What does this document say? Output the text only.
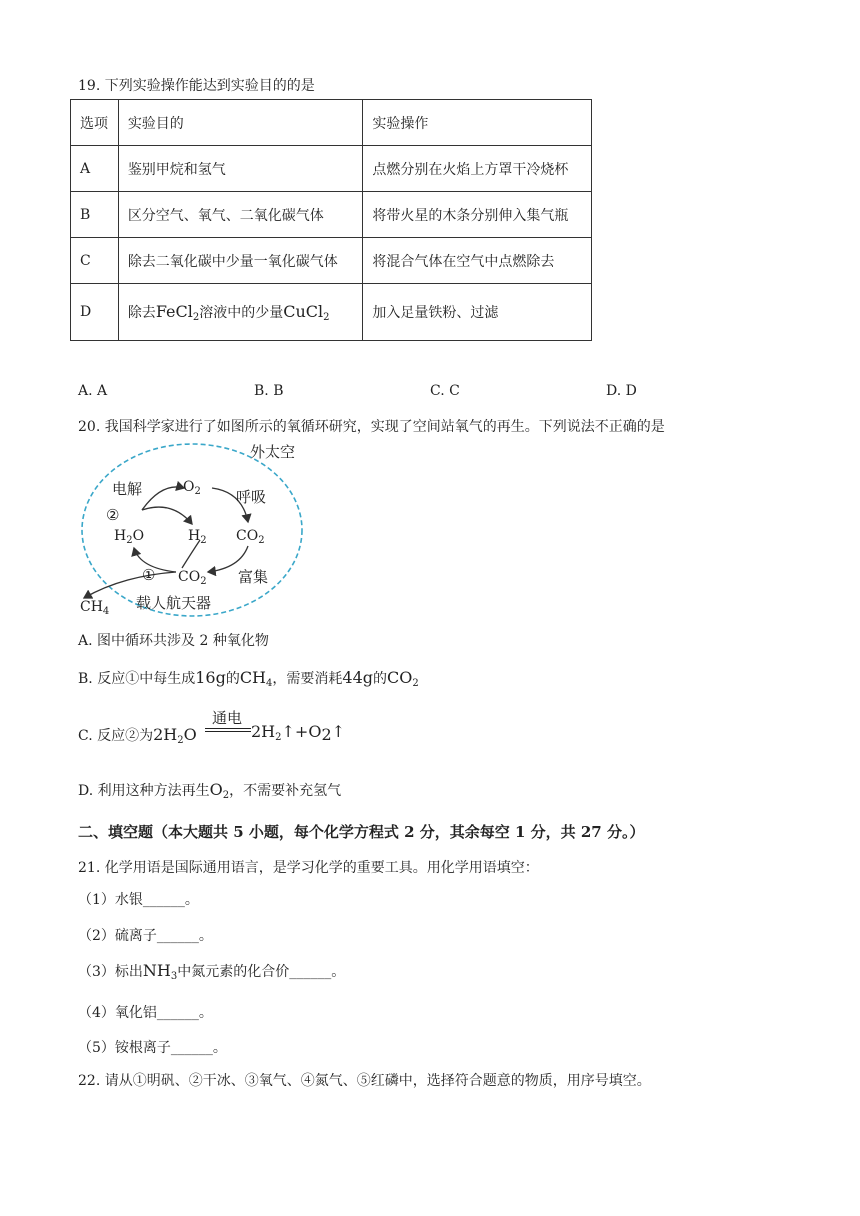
19. 下列实验操作能达到实验目的的是
选项	实验目的	实验操作
A	鉴别甲烷和氢气	点燃分别在火焰上方罩干冷烧杯
B	区分空气、氧气、二氧化碳气体	将带火星的木条分别伸入集气瓶
C	除去二氧化碳中少量一氧化碳气体	将混合气体在空气中点燃除去
D	除去FeCl$_2$溶液中的少量CuCl$_2$	加入足量铁粉、过滤
A. A	B. B	C. C	D. D
20. 我国科学家进行了如图所示的氧循环研究，实现了空间站氧气的再生。下列说法不正确的是
外太空
电解	$O_2$ 呼吸
②
$H_2O$	$H_2$ $CO_2$
① $CO_2$ 富集
载人航天器
$CH_4$
A. 图中循环共涉及 2 种氧化物
B. 反应①中每生成16g的$CH_4$，需要消耗44g的$CO_2$
C. 反应②为$2H_2O$
通电
$2H_2↑+O_2↑$
D. 利用这种方法再生$O_2$，不需要补充氢气
二、填空题（本大题共 5 小题，每个化学方程式 2 分，其余每空 1 分，共 27 分。）
21. 化学用语是国际通用语言，是学习化学的重要工具。用化学用语填空：
（1）水银______。
（2）硫离子______。
（3）标出$NH_3$中氮元素的化合价______。
（4）氧化铝______。
（5）铵根离子______。
22. 请从①明矾、②干冰、③氧气、④氮气、⑤红磷中，选择符合题意的物质，用序号填空。
